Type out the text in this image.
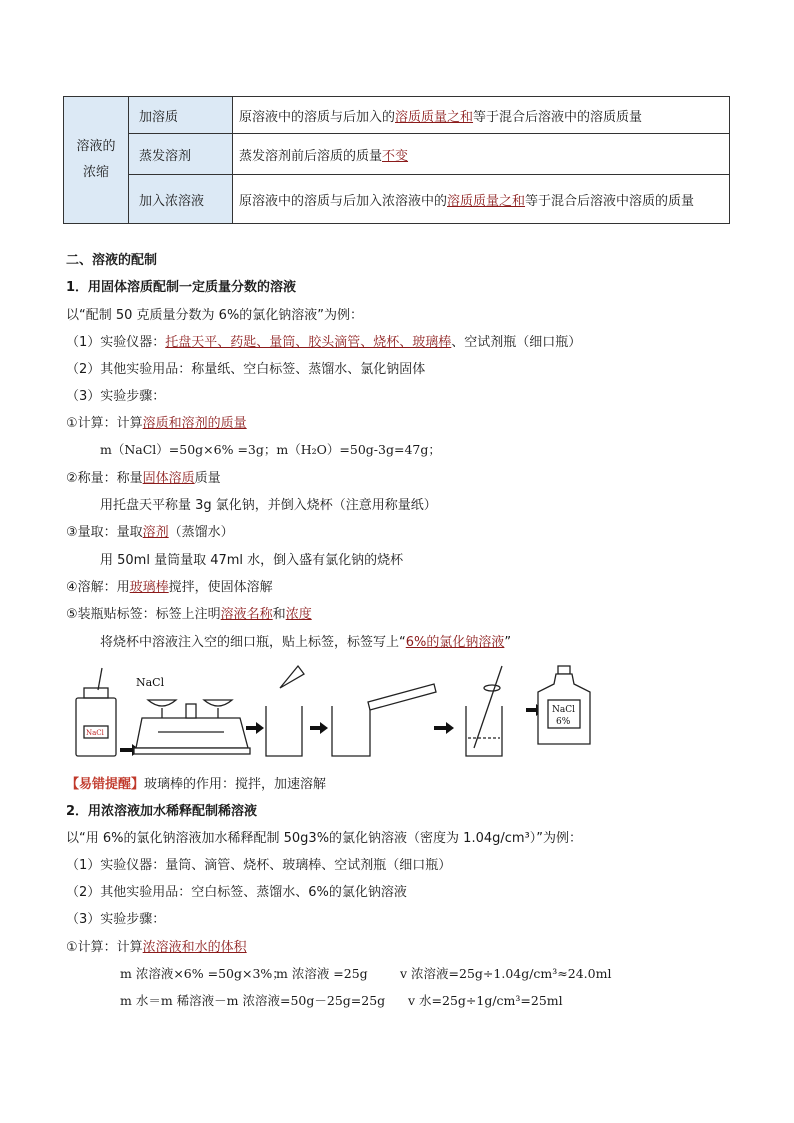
溶液的浓缩	加溶质	原溶液中的溶质与后加入的溶质质量之和等于混合后溶液中的溶质质量
	蒸发溶剂	蒸发溶剂前后溶质的质量不变
	加入浓溶液	原溶液中的溶质与后加入浓溶液中的溶质质量之和等于混合后溶液中溶质的质量
二、溶液的配制
1．用固体溶质配制一定质量分数的溶液
以“配制 50 克质量分数为 6%的氯化钠溶液”为例：
（1）实验仪器：托盘天平、药匙、量筒、胶头滴管、烧杯、玻璃棒、空试剂瓶（细口瓶）
（2）其他实验用品：称量纸、空白标签、蒸馏水、氯化钠固体
（3）实验步骤：
①计算：计算溶质和溶剂的质量
m（NaCl）=50g×6% =3g；m（H₂O）=50g-3g=47g；
②称量：称量固体溶质质量
用托盘天平称量 3g 氯化钠，并倒入烧杯（注意用称量纸）
③量取：量取溶剂（蒸馏水）
用 50ml 量筒量取 47ml 水，倒入盛有氯化钠的烧杯
④溶解：用玻璃棒搅拌，使固体溶解
⑤装瓶贴标签：标签上注明溶液名称和浓度
将烧杯中溶液注入空的细口瓶，贴上标签，标签写上“6%的氯化钠溶液”
NaCl
NaCl
NaCl
6%
【易错提醒】玻璃棒的作用：搅拌，加速溶解
2．用浓溶液加水稀释配制稀溶液
以“用 6%的氯化钠溶液加水稀释配制 50g3%的氯化钠溶液（密度为 1.04g/cm³）”为例：
（1）实验仪器：量筒、滴管、烧杯、玻璃棒、空试剂瓶（细口瓶）
（2）其他实验用品：空白标签、蒸馏水、6%的氯化钠溶液
（3）实验步骤：
①计算：计算浓溶液和水的体积
m 浓溶液×6% =50g×3%；
m 浓溶液 =25g	v 浓溶液=25g÷1.04g/cm³≈24.0ml
m 水＝m 稀溶液－m 浓溶液=50g－25g=25g v 水=25g÷1g/cm³=25ml
